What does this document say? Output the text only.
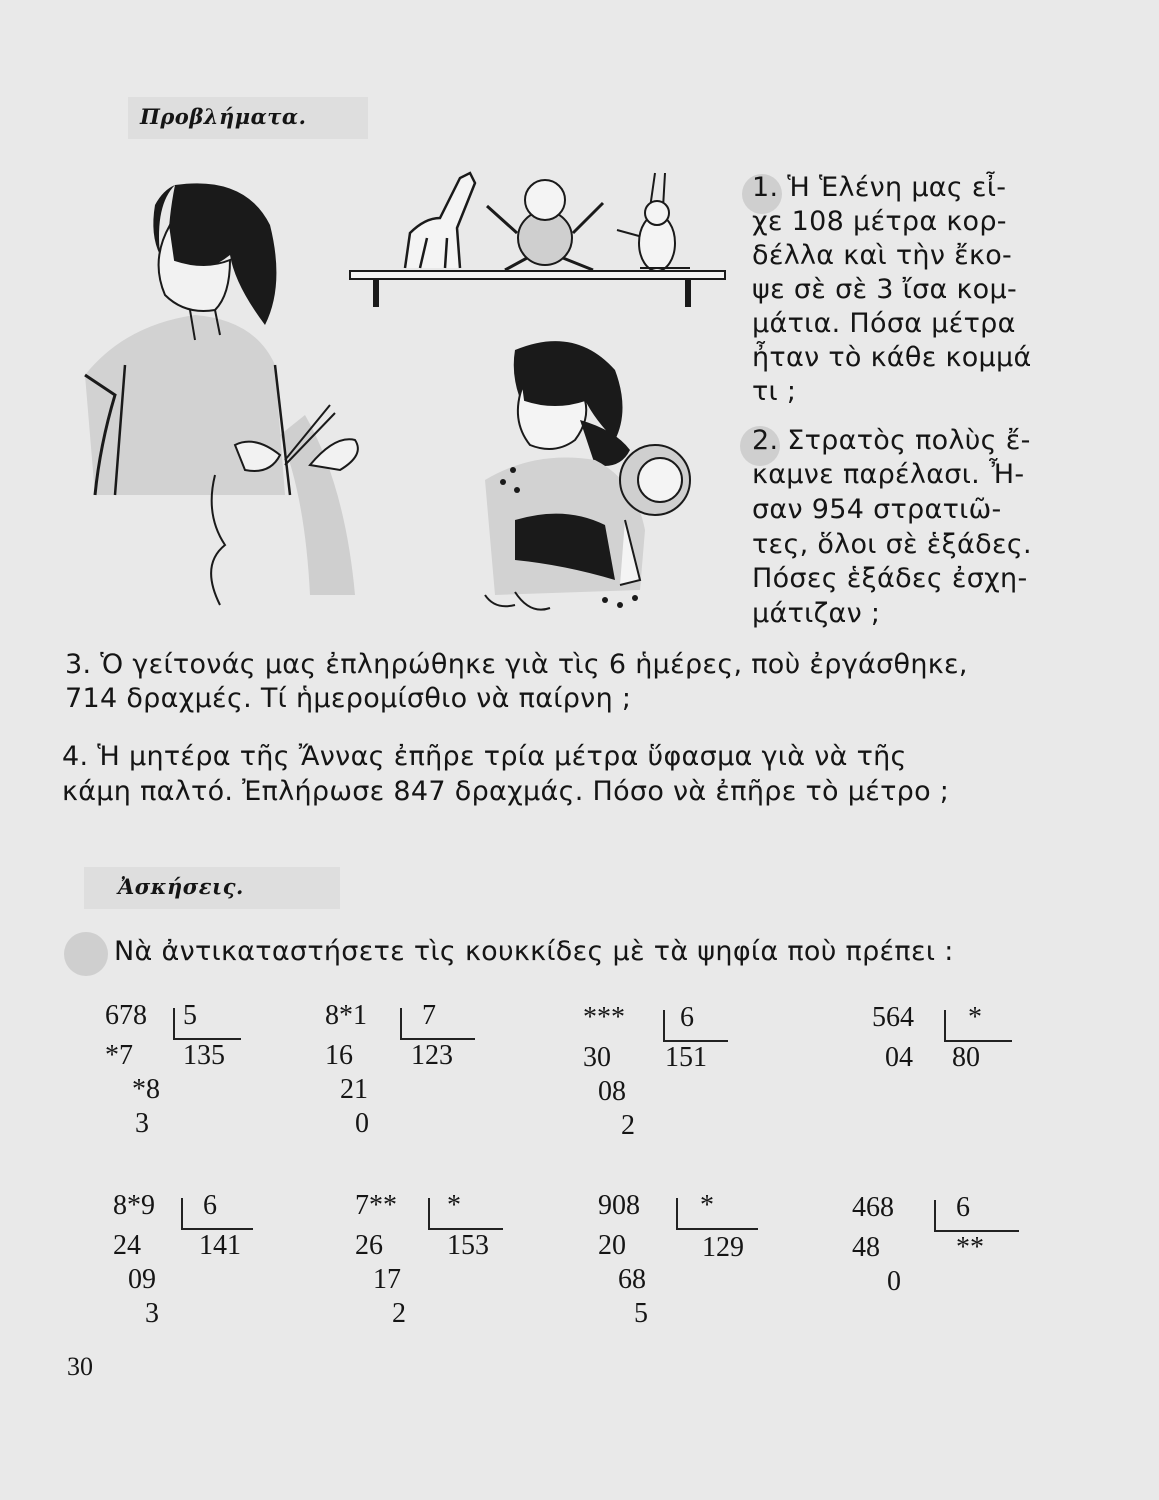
Προβλήματα.
1. Ἡ Ἑλένη μας εἶ-
χε 108 μέτρα κορ-
δέλλα καὶ τὴν ἔκο-
ψε σὲ σὲ 3 ἴσα κομ-
μάτια. Πόσα μέτρα
ἦταν τὸ κάθε κομμά
τι ;
2. Στρατὸς πολὺς ἔ-
καμνε παρέλασι. Ἦ-
σαν 954 στρατιῶ-
τες, ὅλοι σὲ ἑξάδες.
Πόσες ἑξάδες ἐσχη-
μάτιζαν ;
3. Ὁ γείτονάς μας ἐπληρώθηκε γιὰ τὶς 6 ἡμέρες, ποὺ ἐργάσθηκε,
714 δραχμές. Τί ἡμερομίσθιο νὰ παίρνη ;
4. Ἡ μητέρα τῆς Ἄννας ἐπῆρε τρία μέτρα ὕφασμα γιὰ νὰ τῆς
κάμη παλτό. Ἐπλήρωσε 847 δραχμάς. Πόσο νὰ ἐπῆρε τὸ μέτρο ;
Ἀσκήσεις.
Νὰ ἀντικαταστήσετε τὶς κουκκίδες μὲ τὰ ψηφία ποὺ πρέπει :
678 5
135
*7
*8
3
8*1 7
123
16
21
0
*** 6
151
30
08
2
564 *
80
04
8*9 6
141
24
09
3
7** *
153
26
17
2
908 *
129
20
68
5
468 6
**
48
0
30
